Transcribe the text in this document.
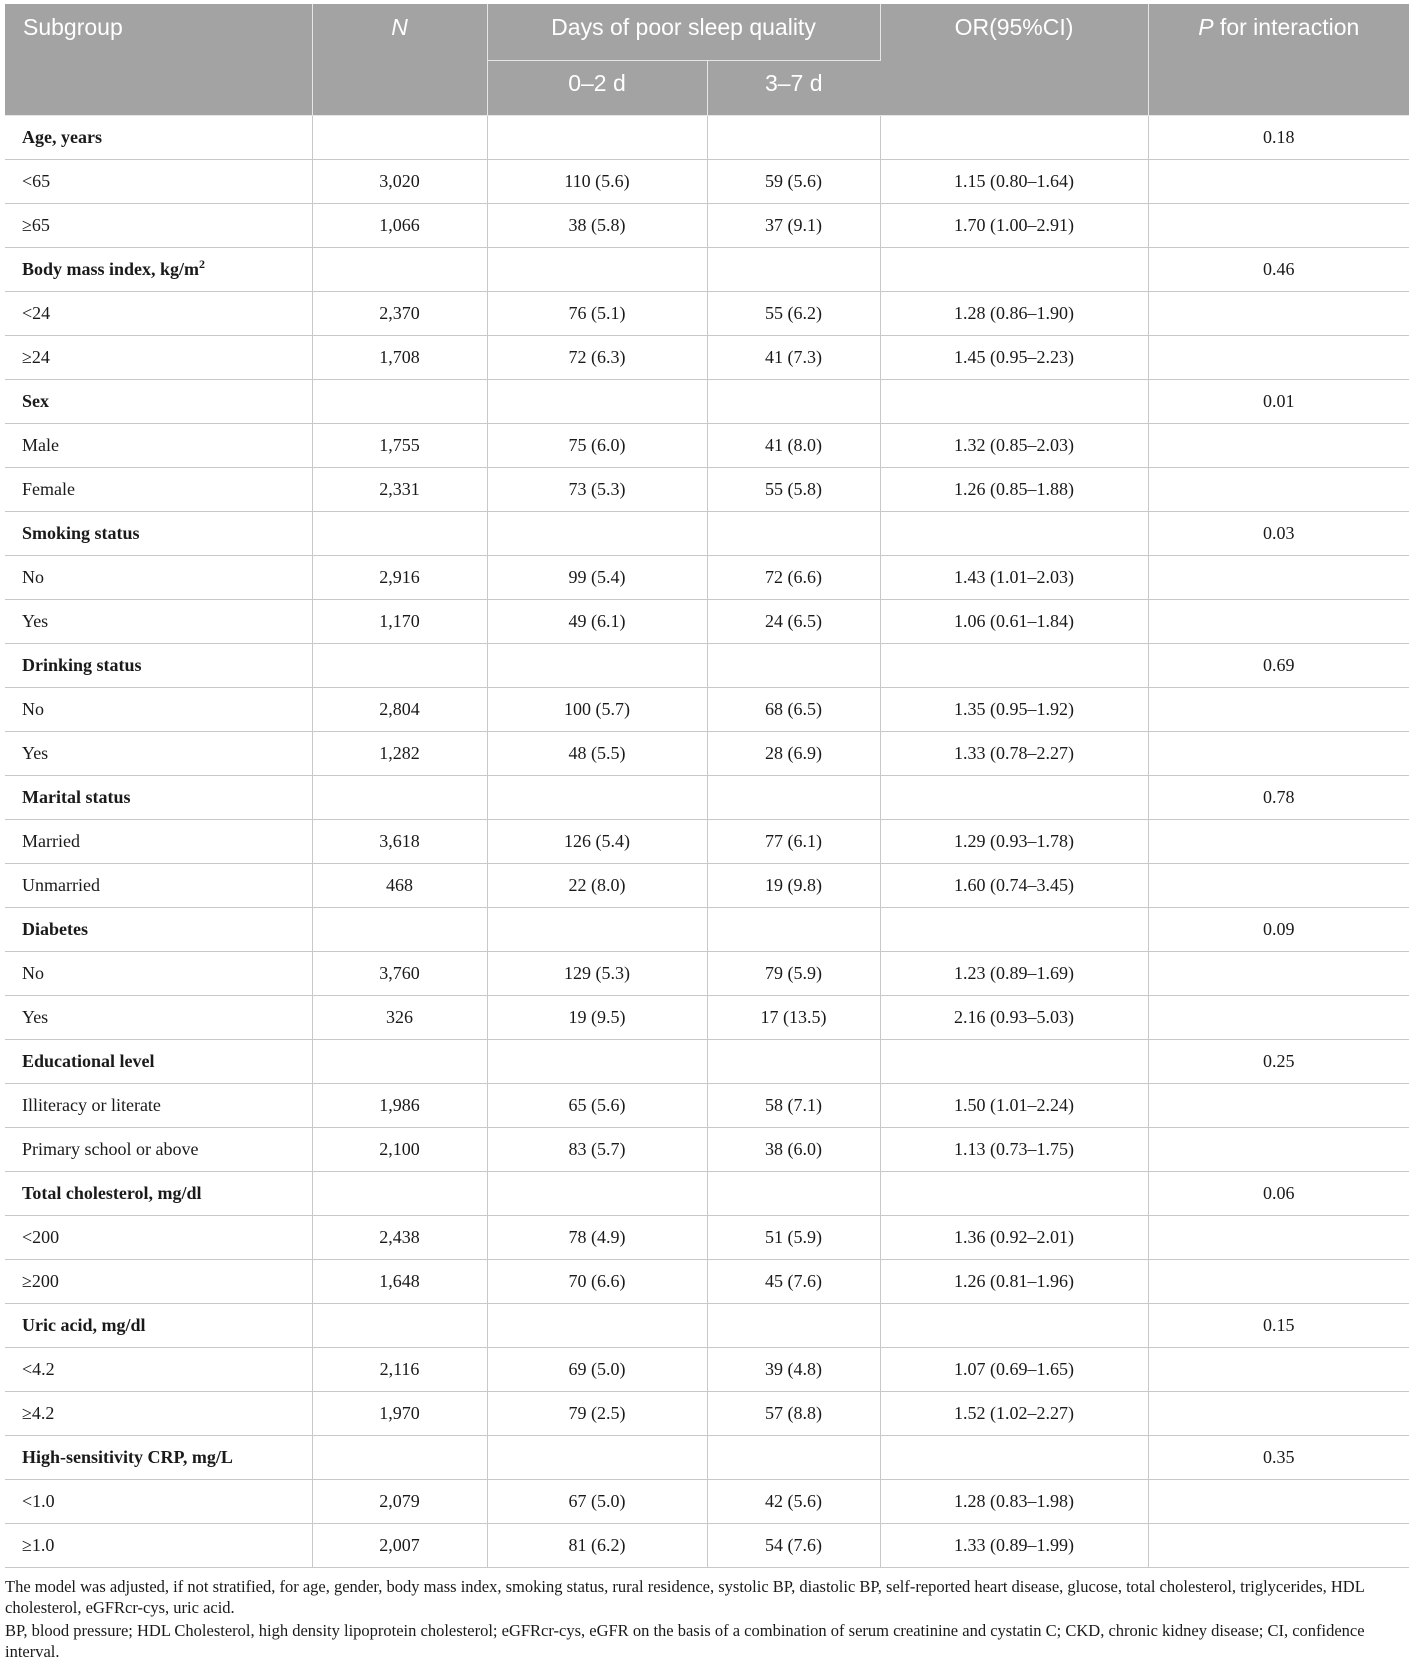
Subgroup	N	Days of poor sleep quality		OR(95%CI)	P for interaction
		0–2 d	3–7 d		
Age, years					0.18
<65	3,020	110 (5.6)	59 (5.6)	1.15 (0.80–1.64)	
≥65	1,066	38 (5.8)	37 (9.1)	1.70 (1.00–2.91)	
Body mass index, $kg/m^2$					0.46
<24	2,370	76 (5.1)	55 (6.2)	1.28 (0.86–1.90)	
≥24	1,708	72 (6.3)	41 (7.3)	1.45 (0.95–2.23)	
Sex					0.01
Male	1,755	75 (6.0)	41 (8.0)	1.32 (0.85–2.03)	
Female	2,331	73 (5.3)	55 (5.8)	1.26 (0.85–1.88)	
Smoking status					0.03
No	2,916	99 (5.4)	72 (6.6)	1.43 (1.01–2.03)	
Yes	1,170	49 (6.1)	24 (6.5)	1.06 (0.61–1.84)	
Drinking status					0.69
No	2,804	100 (5.7)	68 (6.5)	1.35 (0.95–1.92)	
Yes	1,282	48 (5.5)	28 (6.9)	1.33 (0.78–2.27)	
Marital status					0.78
Married	3,618	126 (5.4)	77 (6.1)	1.29 (0.93–1.78)	
Unmarried	468	22 (8.0)	19 (9.8)	1.60 (0.74–3.45)	
Diabetes					0.09
No	3,760	129 (5.3)	79 (5.9)	1.23 (0.89–1.69)	
Yes	326	19 (9.5)	17 (13.5)	2.16 (0.93–5.03)	
Educational level					0.25
Illiteracy or literate	1,986	65 (5.6)	58 (7.1)	1.50 (1.01–2.24)	
Primary school or above	2,100	83 (5.7)	38 (6.0)	1.13 (0.73–1.75)	
Total cholesterol, mg/dl					0.06
<200	2,438	78 (4.9)	51 (5.9)	1.36 (0.92–2.01)	
≥200	1,648	70 (6.6)	45 (7.6)	1.26 (0.81–1.96)	
Uric acid, mg/dl					0.15
<4.2	2,116	69 (5.0)	39 (4.8)	1.07 (0.69–1.65)	
≥4.2	1,970	79 (2.5)	57 (8.8)	1.52 (1.02–2.27)	
High-sensitivity CRP, mg/L					0.35
<1.0	2,079	67 (5.0)	42 (5.6)	1.28 (0.83–1.98)	
≥1.0	2,007	81 (6.2)	54 (7.6)	1.33 (0.89–1.99)	

The model was adjusted, if not stratified, for age, gender, body mass index, smoking status, rural residence, systolic BP, diastolic BP, self-reported heart disease, glucose, total cholesterol, triglycerides, HDL cholesterol, eGFRcr-cys, uric acid.

BP, blood pressure; HDL Cholesterol, high density lipoprotein cholesterol; eGFRcr-cys, eGFR on the basis of a combination of serum creatinine and cystatin C; CKD, chronic kidney disease; CI, confidence interval.
